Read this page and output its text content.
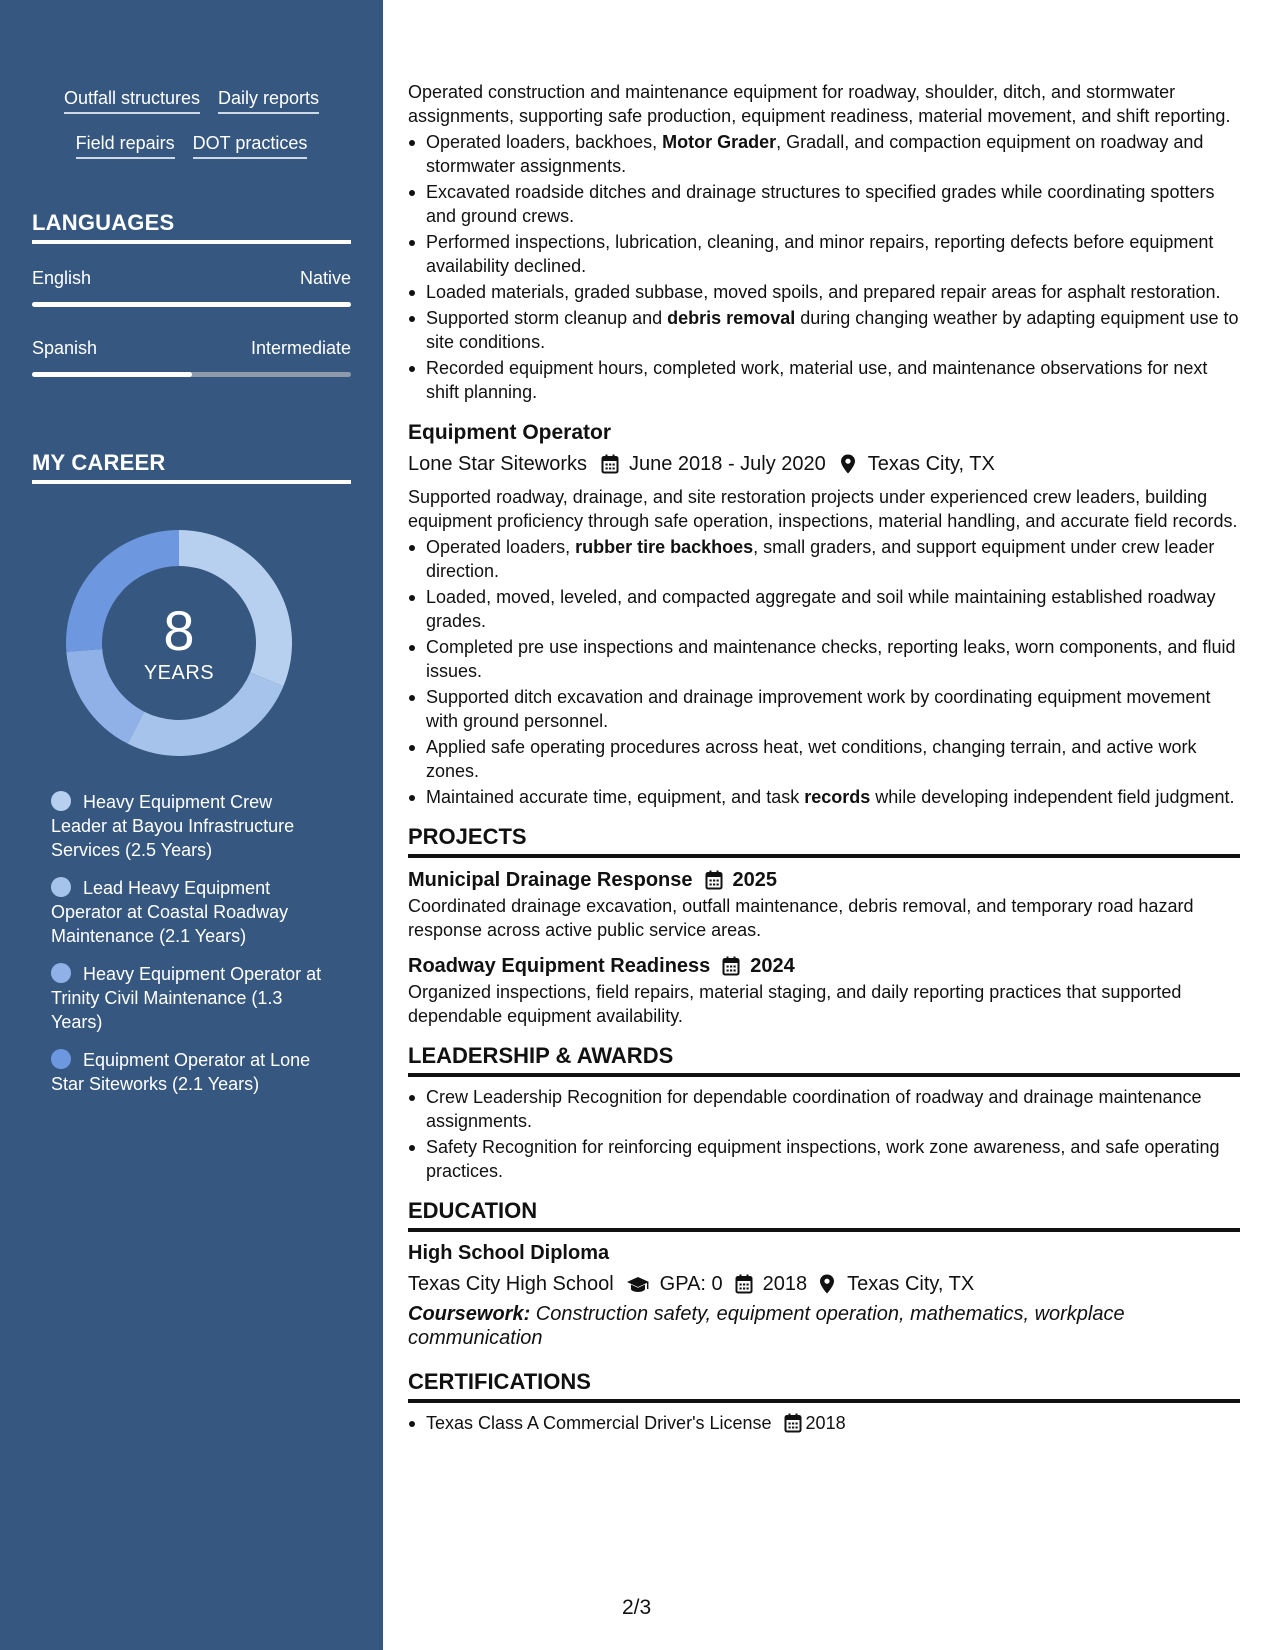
Outfall structures Daily reports
Field repairs DOT practices
LANGUAGES
English	Native
Spanish	Intermediate
MY CAREER
8
YEARS
Heavy Equipment Crew Leader at Bayou Infrastructure Services (2.5 Years)
Lead Heavy Equipment Operator at Coastal Roadway Maintenance (2.1 Years)
Heavy Equipment Operator at Trinity Civil Maintenance (1.3 Years)
Equipment Operator at Lone Star Siteworks (2.1 Years)
Operated construction and maintenance equipment for roadway, shoulder, ditch, and stormwater assignments, supporting safe production, equipment readiness, material movement, and shift reporting.
Operated loaders, backhoes, Motor Grader, Gradall, and compaction equipment on roadway and stormwater assignments.
Excavated roadside ditches and drainage structures to specified grades while coordinating spotters and ground crews.
Performed inspections, lubrication, cleaning, and minor repairs, reporting defects before equipment availability declined.
Loaded materials, graded subbase, moved spoils, and prepared repair areas for asphalt restoration.
Supported storm cleanup and debris removal during changing weather by adapting equipment use to site conditions.
Recorded equipment hours, completed work, material use, and maintenance observations for next shift planning.
Equipment Operator
Lone Star Siteworks June 2018 - July 2020 Texas City, TX
Supported roadway, drainage, and site restoration projects under experienced crew leaders, building equipment proficiency through safe operation, inspections, material handling, and accurate field records.
Operated loaders, rubber tire backhoes, small graders, and support equipment under crew leader direction.
Loaded, moved, leveled, and compacted aggregate and soil while maintaining established roadway grades.
Completed pre use inspections and maintenance checks, reporting leaks, worn components, and fluid issues.
Supported ditch excavation and drainage improvement work by coordinating equipment movement with ground personnel.
Applied safe operating procedures across heat, wet conditions, changing terrain, and active work zones.
Maintained accurate time, equipment, and task records while developing independent field judgment.
PROJECTS
Municipal Drainage Response 2025
Coordinated drainage excavation, outfall maintenance, debris removal, and temporary road hazard response across active public service areas.
Roadway Equipment Readiness 2024
Organized inspections, field repairs, material staging, and daily reporting practices that supported dependable equipment availability.
LEADERSHIP & AWARDS
Crew Leadership Recognition for dependable coordination of roadway and drainage maintenance assignments.
Safety Recognition for reinforcing equipment inspections, work zone awareness, and safe operating practices.
EDUCATION
High School Diploma
Texas City High School GPA: 0 2018 Texas City, TX
Coursework: Construction safety, equipment operation, mathematics, workplace communication
CERTIFICATIONS
Texas Class A Commercial Driver's License 2018
2/3
